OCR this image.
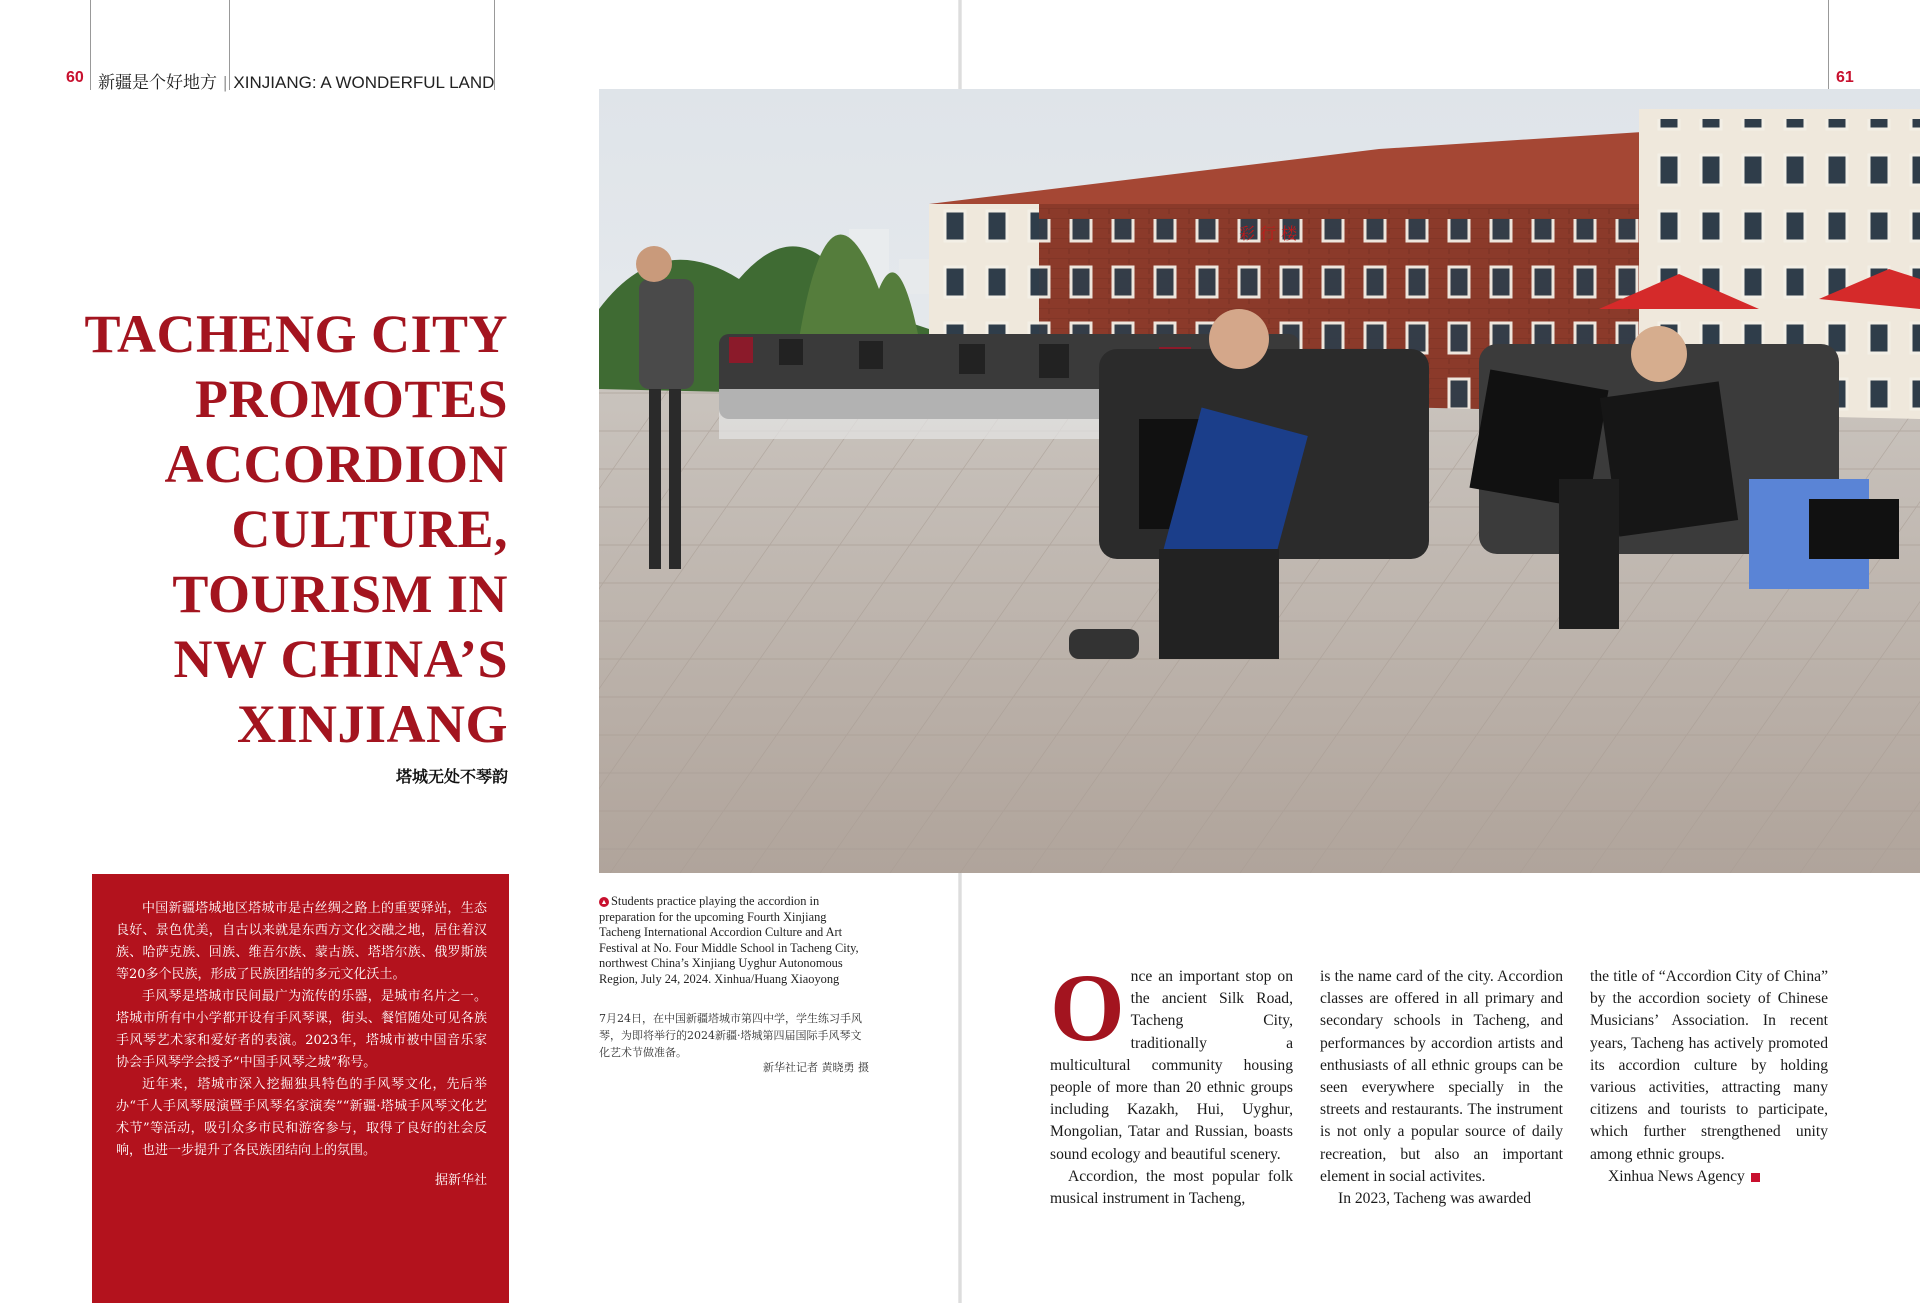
60	61
新疆是个好地方 | XINJIANG: A WONDERFUL LAND
TACHENG CITY
PROMOTES
ACCORDION
CULTURE,
TOURISM IN
NW CHINA’S
XINJIANG
塔城无处不琴韵

中国新疆塔城地区塔城市是古丝绸之路上的重要驿站，生态良好、景色优美，自古以来就是东西方文化交融之地，居住着汉族、哈萨克族、回族、维吾尔族、蒙古族、塔塔尔族、俄罗斯族等20多个民族，形成了民族团结的多元文化沃土。

手风琴是塔城市民间最广为流传的乐器，是城市名片之一。塔城市所有中小学都开设有手风琴课，街头、餐馆随处可见各族手风琴艺术家和爱好者的表演。2023年，塔城市被中国音乐家协会手风琴学会授予“中国手风琴之城”称号。

近年来，塔城市深入挖掘独具特色的手风琴文化，先后举办“千人手风琴展演暨手风琴名家演奏”“新疆·塔城手风琴文化艺术节”等活动，吸引众多市民和游客参与，取得了良好的社会反响，也进一步提升了各民族团结向上的氛围。

据新华社

彩 行 楼
▲ Students practice playing the accordion in preparation for the upcoming Fourth Xinjiang Tacheng International Accordion Culture and Art Festival at No. Four Middle School in Tacheng City, northwest China’s Xinjiang Uyghur Autonomous Region, July 24, 2024. Xinhua/Huang Xiaoyong
7月24日，在中国新疆塔城市第四中学，学生练习手风琴，为即将举行的2024新疆·塔城第四届国际手风琴文化艺术节做准备。
新华社记者 黄晓勇 摄

Once an important stop on the ancient Silk Road, Tacheng City, traditionally a multicultural community housing people of more than 20 ethnic groups including Kazakh, Hui, Uyghur, Mongolian, Tatar and Russian, boasts sound ecology and beautiful scenery.

Accordion, the most popular folk musical instrument in Tacheng,

is the name card of the city. Accordion classes are offered in all primary and secondary schools in Tacheng, and performances by accordion artists and enthusiasts of all ethnic groups can be seen everywhere specially in the streets and restaurants. The instrument is not only a popular source of daily recreation, but also an important element in social activites.

In 2023, Tacheng was awarded

the title of “Accordion City of China” by the accordion society of Chinese Musicians’ Association. In recent years, Tacheng has actively promoted its accordion culture by holding various activities, attracting many citizens and tourists to participate, which further strengthened unity among ethnic groups.

Xinhua News Agency
